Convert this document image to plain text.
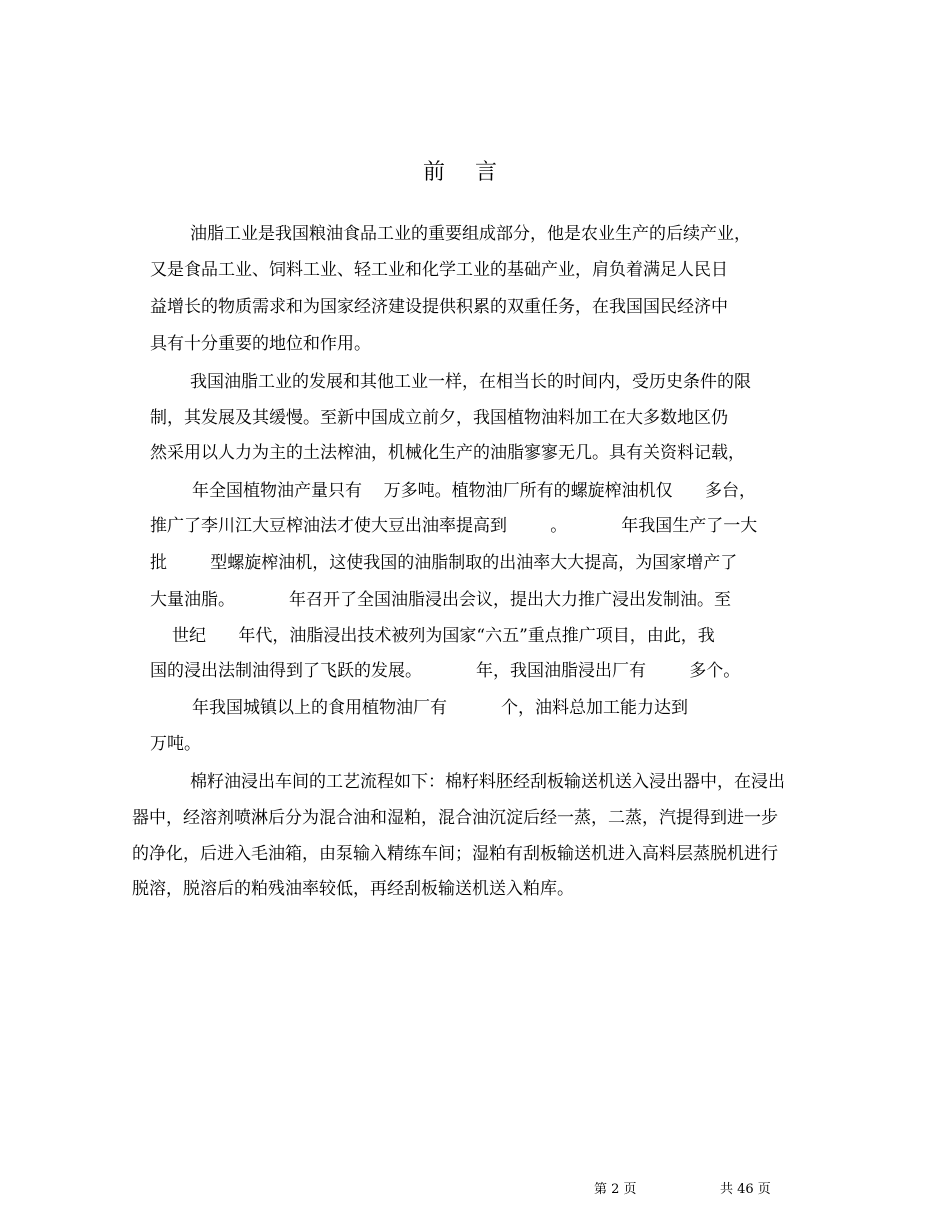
前言
油脂工业是我国粮油食品工业的重要组成部分，他是农业生产的后续产业，
又是食品工业、饲料工业、轻工业和化学工业的基础产业，肩负着满足人民日
益增长的物质需求和为国家经济建设提供积累的双重任务，在我国国民经济中
具有十分重要的地位和作用。
我国油脂工业的发展和其他工业一样，在相当长的时间内，受历史条件的限
制，其发展及其缓慢。至新中国成立前夕，我国植物油料加工在大多数地区仍
然采用以人力为主的土法榨油，机械化生产的油脂寥寥无几。具有关资料记载，
年全国植物油产量只有    万多吨。植物油厂所有的螺旋榨油机仅      多台，
推广了李川江大豆榨油法才使大豆出油率提高到        。          年我国生产了一大
批        型螺旋榨油机，这使我国的油脂制取的出油率大大提高，为国家增产了
大量油脂。          年召开了全国油脂浸出会议，提出大力推广浸出发制油。至
世纪      年代，油脂浸出技术被列为国家“六五”重点推广项目，由此，我
国的浸出法制油得到了飞跃的发展。          年，我国油脂浸出厂有        多个。
年我国城镇以上的食用植物油厂有          个，油料总加工能力达到
万吨。
棉籽油浸出车间的工艺流程如下：棉籽料胚经刮板输送机送入浸出器中，在浸出
器中，经溶剂喷淋后分为混合油和湿粕，混合油沉淀后经一蒸，二蒸，汽提得到进一步
的净化，后进入毛油箱，由泵输入精练车间；湿粕有刮板输送机进入高料层蒸脱机进行
脱溶，脱溶后的粕残油率较低，再经刮板输送机送入粕库。
第 2 页	共 46 页
